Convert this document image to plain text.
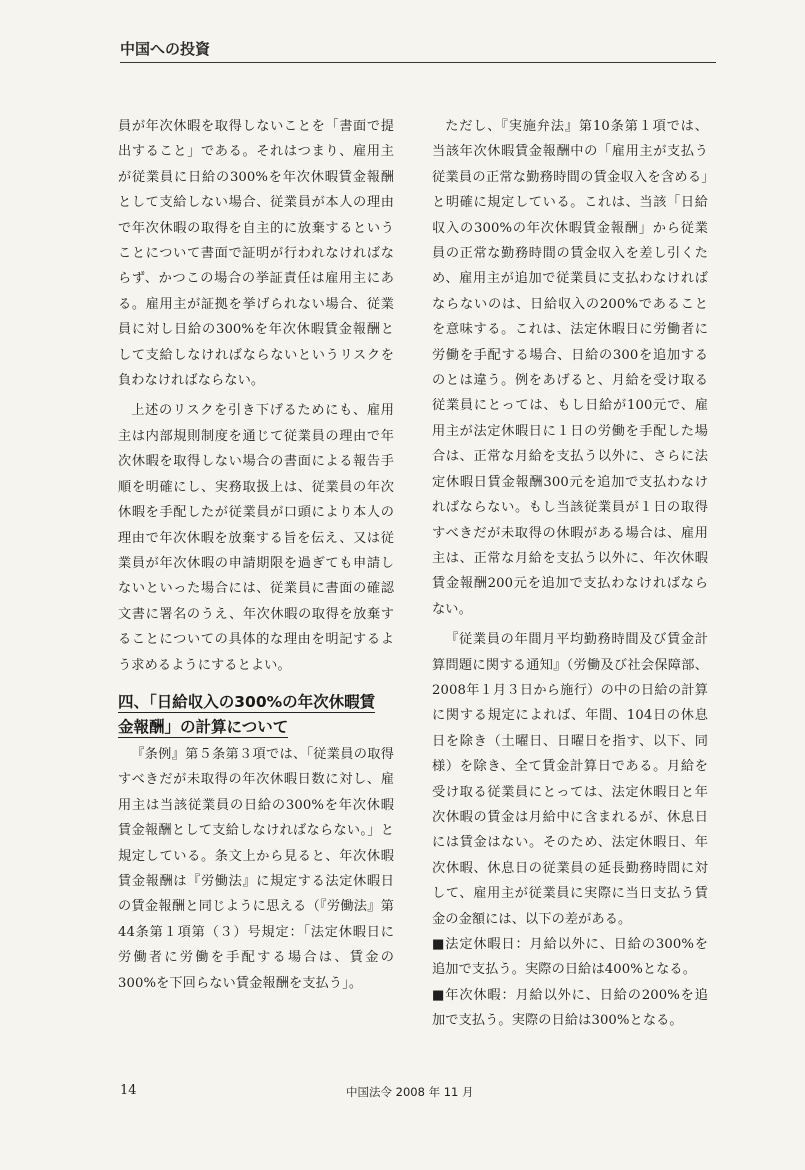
中国への投資

員が年次休暇を取得しないことを「書面で提出すること」である。それはつまり、雇用主が従業員に日給の300%を年次休暇賃金報酬として支給しない場合、従業員が本人の理由で年次休暇の取得を自主的に放棄するということについて書面で証明が行われなければならず、かつこの場合の挙証責任は雇用主にある。雇用主が証拠を挙げられない場合、従業員に対し日給の300%を年次休暇賃金報酬として支給しなければならないというリスクを負わなければならない。

上述のリスクを引き下げるためにも、雇用主は内部規則制度を通じて従業員の理由で年次休暇を取得しない場合の書面による報告手順を明確にし、実務取扱上は、従業員の年次休暇を手配したが従業員が口頭により本人の理由で年次休暇を放棄する旨を伝え、又は従業員が年次休暇の申請期限を過ぎても申請しないといった場合には、従業員に書面の確認文書に署名のうえ、年次休暇の取得を放棄することについての具体的な理由を明記するよう求めるようにするとよい。

四、「日給収入の300%の年次休暇賃
金報酬」の計算について

『条例』第５条第３項では、「従業員の取得すべきだが未取得の年次休暇日数に対し、雇用主は当該従業員の日給の300%を年次休暇賃金報酬として支給しなければならない。」と規定している。条文上から見ると、年次休暇賃金報酬は『労働法』に規定する法定休暇日の賃金報酬と同じように思える（『労働法』第44条第１項第（３）号規定：「法定休暇日に労働者に労働を手配する場合は、賃金の300%を下回らない賃金報酬を支払う」。

ただし、『実施弁法』第10条第１項では、当該年次休暇賃金報酬中の「雇用主が支払う従業員の正常な勤務時間の賃金収入を含める」と明確に規定している。これは、当該「日給収入の300%の年次休暇賃金報酬」から従業員の正常な勤務時間の賃金収入を差し引くため、雇用主が追加で従業員に支払わなければならないのは、日給収入の200%であることを意味する。これは、法定休暇日に労働者に労働を手配する場合、日給の300を追加するのとは違う。例をあげると、月給を受け取る従業員にとっては、もし日給が100元で、雇用主が法定休暇日に１日の労働を手配した場合は、正常な月給を支払う以外に、さらに法定休暇日賃金報酬300元を追加で支払わなければならない。もし当該従業員が１日の取得すべきだが未取得の休暇がある場合は、雇用主は、正常な月給を支払う以外に、年次休暇賃金報酬200元を追加で支払わなければならない。

『従業員の年間月平均勤務時間及び賃金計算問題に関する通知』（労働及び社会保障部、2008年１月３日から施行）の中の日給の計算に関する規定によれば、年間、104日の休息日を除き（土曜日、日曜日を指す、以下、同様）を除き、全て賃金計算日である。月給を受け取る従業員にとっては、法定休暇日と年次休暇の賃金は月給中に含まれるが、休息日には賃金はない。そのため、法定休暇日、年次休暇、休息日の従業員の延長勤務時間に対して、雇用主が従業員に実際に当日支払う賃金の金額には、以下の差がある。

■法定休暇日：月給以外に、日給の300%を追加で支払う。実際の日給は400%となる。

■年次休暇：月給以外に、日給の200%を追加で支払う。実際の日給は300%となる。

14	中国法令 2008 年 11 月
